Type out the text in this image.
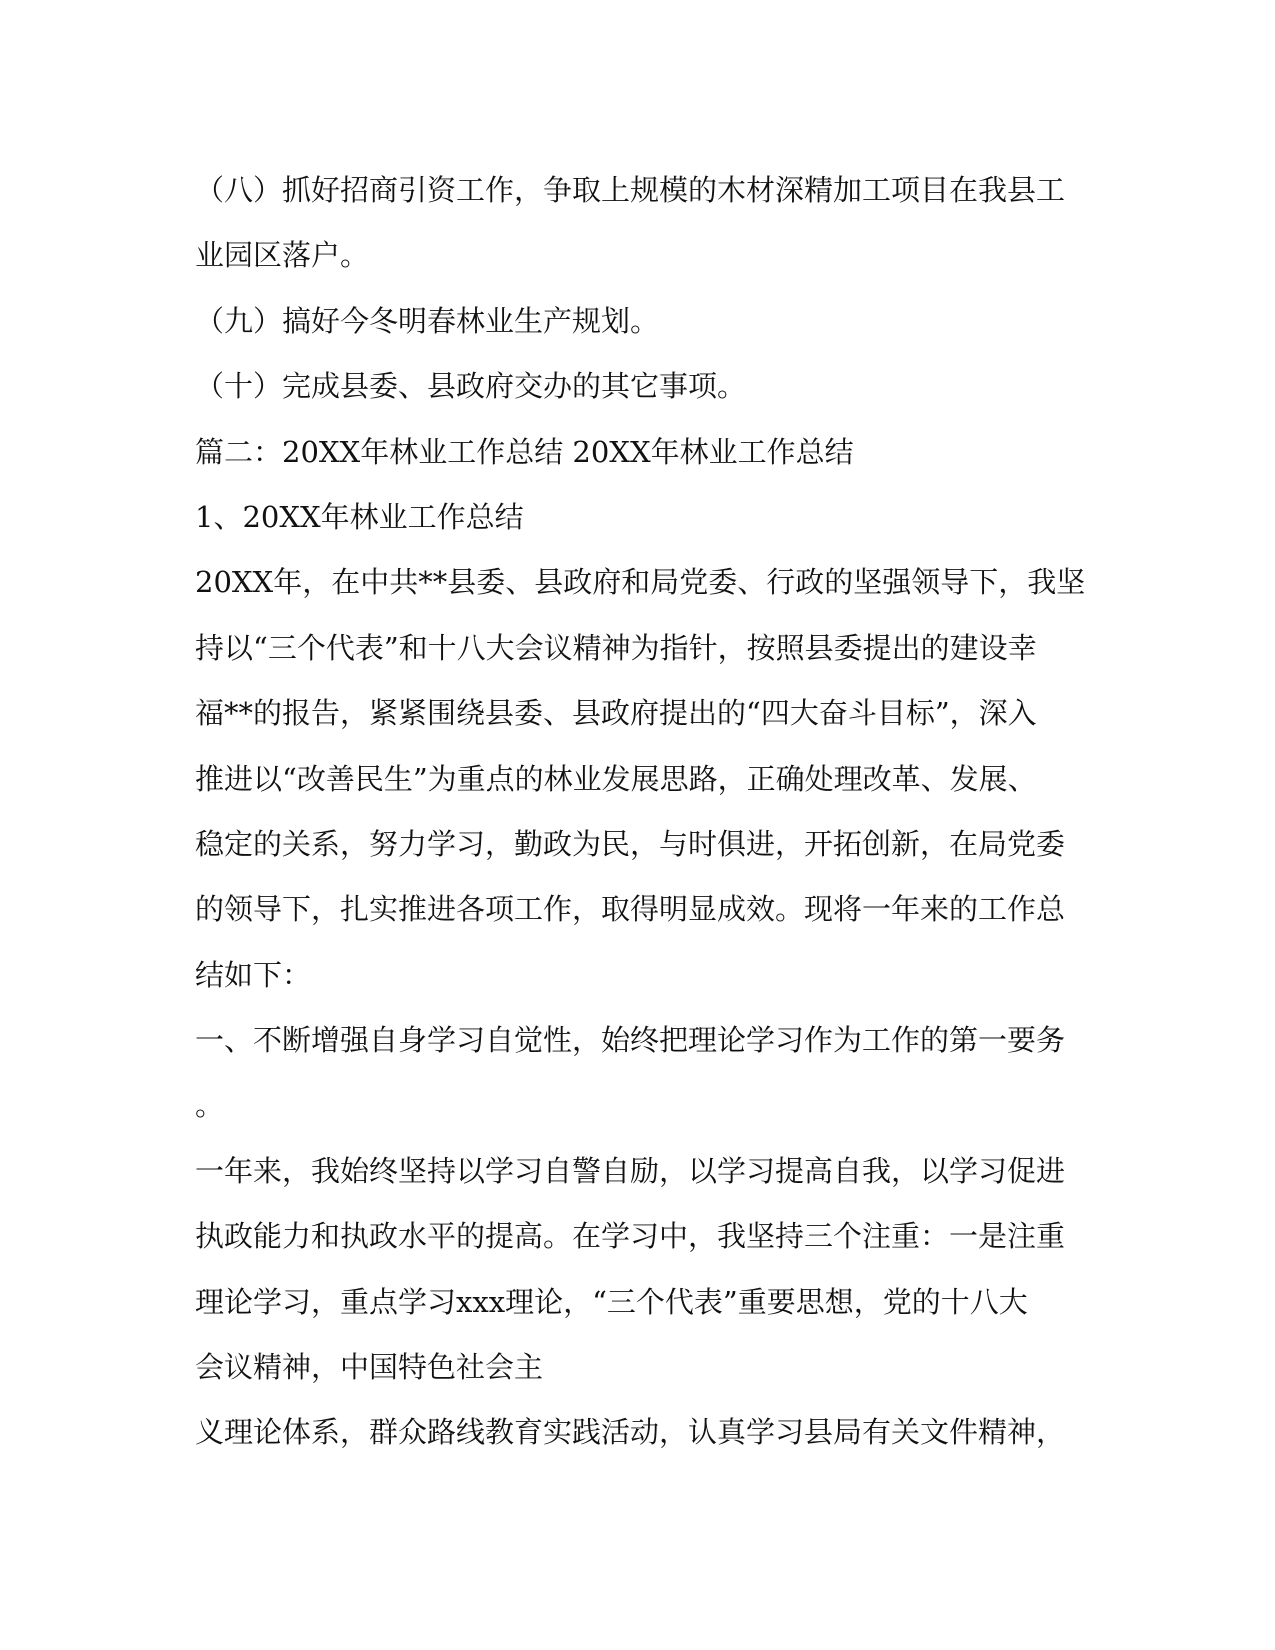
（八）抓好招商引资工作，争取上规模的木材深精加工项目在我县工
业园区落户。
（九）搞好今冬明春林业生产规划。
（十）完成县委、县政府交办的其它事项。
篇二：20XX年林业工作总结 20XX年林业工作总结
1、20XX年林业工作总结
20XX年，在中共**县委、县政府和局党委、行政的坚强领导下，我坚
持以“三个代表”和十八大会议精神为指针，按照县委提出的建设幸
福**的报告，紧紧围绕县委、县政府提出的“四大奋斗目标”，深入
推进以“改善民生”为重点的林业发展思路，正确处理改革、发展、
稳定的关系，努力学习，勤政为民，与时俱进，开拓创新，在局党委
的领导下，扎实推进各项工作，取得明显成效。现将一年来的工作总
结如下：
一、不断增强自身学习自觉性，始终把理论学习作为工作的第一要务
。
一年来，我始终坚持以学习自警自励，以学习提高自我，以学习促进
执政能力和执政水平的提高。在学习中，我坚持三个注重：一是注重
理论学习，重点学习xxx理论，“三个代表”重要思想，党的十八大
会议精神，中国特色社会主
义理论体系，群众路线教育实践活动，认真学习县局有关文件精神，
